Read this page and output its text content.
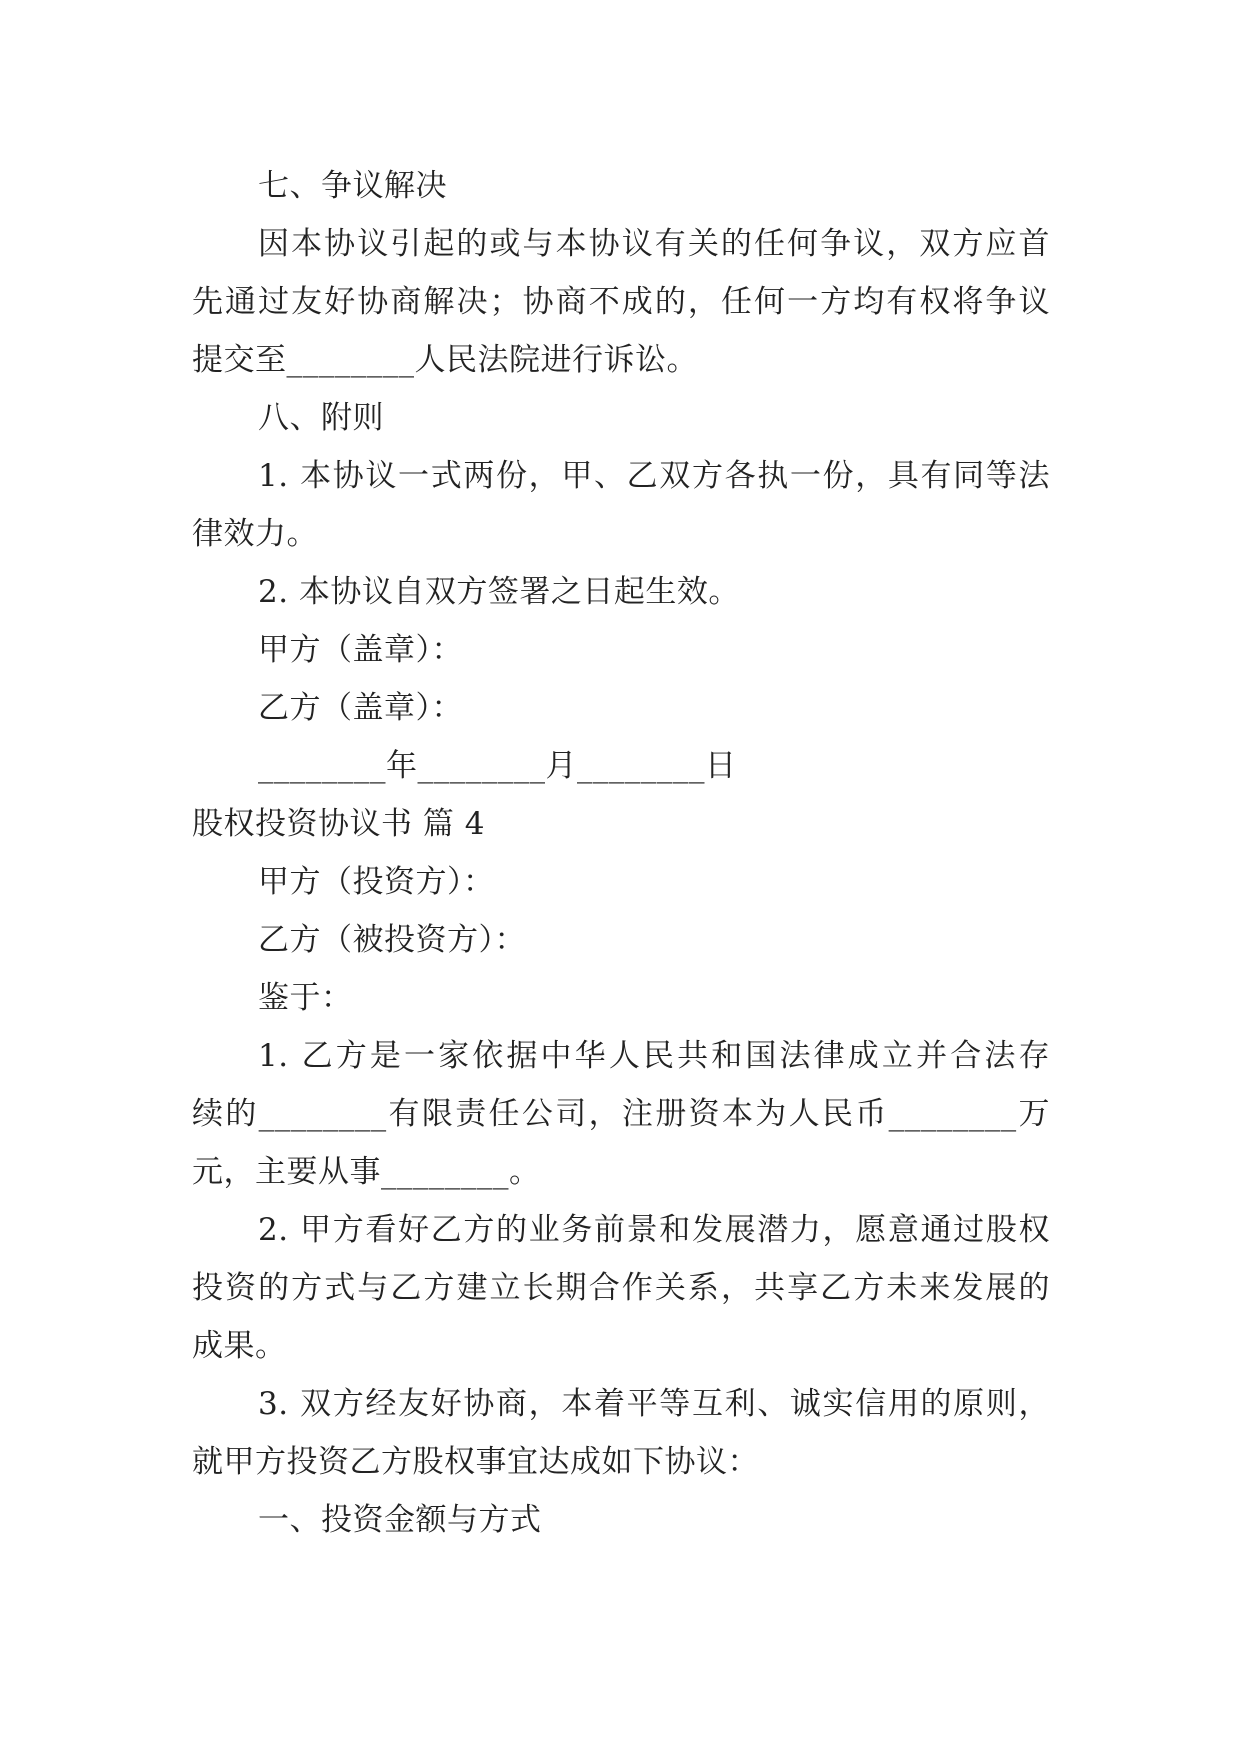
七、争议解决
因本协议引起的或与本协议有关的任何争议，双方应首
先通过友好协商解决；协商不成的，任何一方均有权将争议
提交至________人民法院进行诉讼。
八、附则
1. 本协议一式两份，甲、乙双方各执一份，具有同等法
律效力。
2. 本协议自双方签署之日起生效。
甲方（盖章）：
乙方（盖章）：
________年________月________日
股权投资协议书 篇 4
甲方（投资方）：
乙方（被投资方）：
鉴于：
1. 乙方是一家依据中华人民共和国法律成立并合法存
续的________有限责任公司，注册资本为人民币________万
元，主要从事________。
2. 甲方看好乙方的业务前景和发展潜力，愿意通过股权
投资的方式与乙方建立长期合作关系，共享乙方未来发展的
成果。
3. 双方经友好协商，本着平等互利、诚实信用的原则，
就甲方投资乙方股权事宜达成如下协议：
一、投资金额与方式
